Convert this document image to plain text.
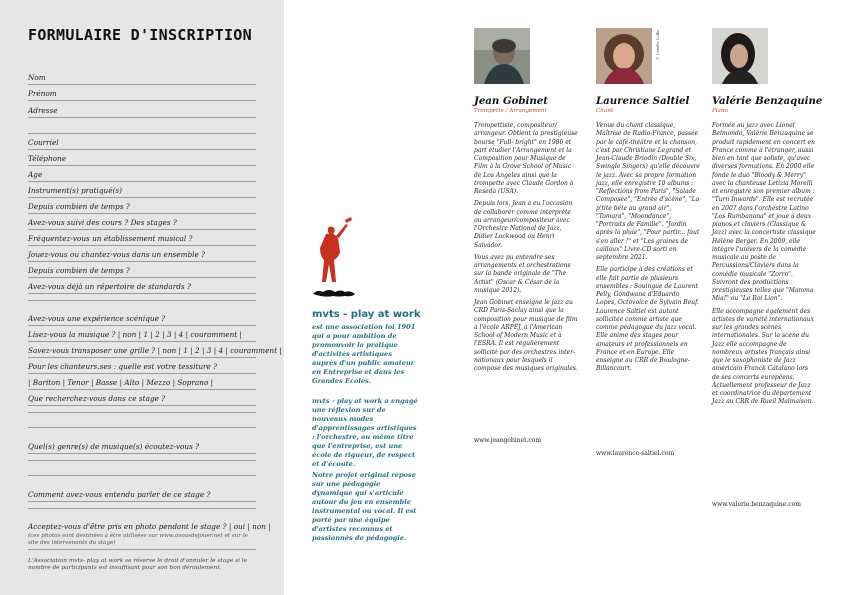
FORMULAIRE D'INSCRIPTION
Nom
Prénom
Adresse
Courriel
Téléphone
Age
Instrument(s) pratiqué(s)
Depuis combien de temps ?
Avez-vous suivi des cours ? Des stages ?
Fréquentez-vous un établissement musical ?
Jouez-vous ou chantez-vous dans un ensemble ?
Depuis combien de temps ?
Avez-vous déjà un répertoire de standards ?
Avez-vous une expérience scénique ?
Lisez-vous la musique ? | non | 1 | 2 | 3 | 4 | couramment |
Savez-vous transposer une grille ? | non | 1 | 2 | 3 | 4 | couramment |
Pour les chanteurs.ses : quelle est votre tessiture ?
| Bariton | Tenor | Basse | Alto | Mezzo | Soprano |
Que recherchez-vous dans ce stage ?
Quel(s) genre(s) de musique(s) écoutez-vous ?
Comment avez-vous entendu parler de ce stage ?
Acceptez-vous d'être pris en photo pendant le stage ? | oui | non |
(ces photos sont destinées à être utilisées sur www.avoasdejouer.net et sur le site des intervenants du stage)
L'Association mvts- play at work se réserve le droit d'annuler le stage si le nombre de participants est insuffisant pour son bon déroulement.
mvts - play at work
est une association loi 1901 qui a pour ambition de promouvoir la pratique d'activités artistiques auprès d'un public amateur en Entreprise et dans les Grandes Ecoles.
mvts - play at work a engagé une réflexion sur de nouveaux modes d'apprentissages artistiques : l'orchestre, au même titre que l'entreprise, est une école de rigueur, de respect et d'écoute.
Notre projet original repose sur une pédagogie dynamique qui s'articule autour du jeu en ensemble instrumental ou vocal. Il est porté par une équipe d'artistes reconnus et passionnés de pédagogie.
Jean Gobinet
Trompette / Arrangement

Trompettiste, compositeur/ arrangeur. Obtient la prestigieuse bourse "Full- bright" en 1986 et part étudier l'Arrangement et la Composition pour Musique de Film à la Grove School of Music de Los Angeles ainsi que la trompette avec Claude Gordon à Reseda (USA).

Depuis lors, Jean a eu l'occasion de collaborer comme interprète ou arrangeur/compositeur avec l'Orchestre National de Jazz, Didier Lockwood ou Henri Salvador.

Vous avez pu entendre ses arrangements et orchestrations sur la bande originale de "The Artist" (Oscar & César de la musique 2012).

Jean Gobinet enseigne le jazz au CRD Paris-Saclay ainsi que la composition pour musique de film à l'école ARPEJ, à l'American School of Modern Music et à l'ESRA. Il est régulièrement sollicité par des orchestres inter-nationaux pour lesquels il compose des musiques originales.

www.jeangobinet.com
© Camille Collin
Laurence Saltiel
Chant

Venue du chant classique, Maîtrise de Radio-France, passée par le café-théâtre et la chanson, c'est par Christiane Legrand et Jean-Claude Briodin (Double Six, Swingle Singers) qu'elle découvre le jazz. Avec sa propre formation jazz, elle enregistre 10 albums : "Reflections from Paris", "Salade Composée", "Entrée d'scène", "La p'tite bête au grand air", "Tomara", "Moondance", "Portraits de Famille". "Jardin après la pluie", "Pour partir... faut s'en aller !" et "Les graines de cailloux" Livre-CD sorti en septembre 2021.

Elle participe à des créations et elle fait partie de plusieurs ensembles : Souingue de Laurent Pelly, Gondwana d'Eduardo Lopes, Octovoice de Sylvain Beuf. Laurence Saltiel est autant sollicitée comme artiste que comme pédagogue du jazz vocal. Elle anime des stages pour amateurs et professionnels en France et en Europe. Elle enseigne au CRR de Boulogne-Billancourt.

www.laurence-saltiel.com
Valérie Benzaquine
Piano

Formée au jazz avec Lionel Belmondo, Valérie Benzaquine se produit rapidement en concert en France comme à l'étranger, aussi bien en tant que soliste, qu'avec diverses formations. En 2000 elle fonde le duo "Bloody & Merry" avec la chanteuse Letizia Morelli et enregistre son premier album : "Turn Inwards". Elle est recrutée en 2007 dans l'orchestre Latino "Los Rumbanana" et joue à deux pianos et claviers (Classique & Jazz) avec la concertiste classique Hélène Berger. En 2009, elle intègre l'univers de la comédie musicale au poste de Percussions/Claviers dans la comédie musicale "Zorro". Suivront des productions prestigieuses telles que "Mamma Mia!" ou "Le Roi Lion".

Elle accompagne également des artistes de variété internationaux sur les grandes scènes internationales. Sur la scène du Jazz elle accompagne de nombreux artistes français ainsi que le saxophoniste de Jazz américain Franck Catalano lors de ses concerts européens. Actuellement professeur de Jazz et coordinatrice du département Jazz au CRR de Rueil Malmaison.

www.valerie.benzaquine.com
